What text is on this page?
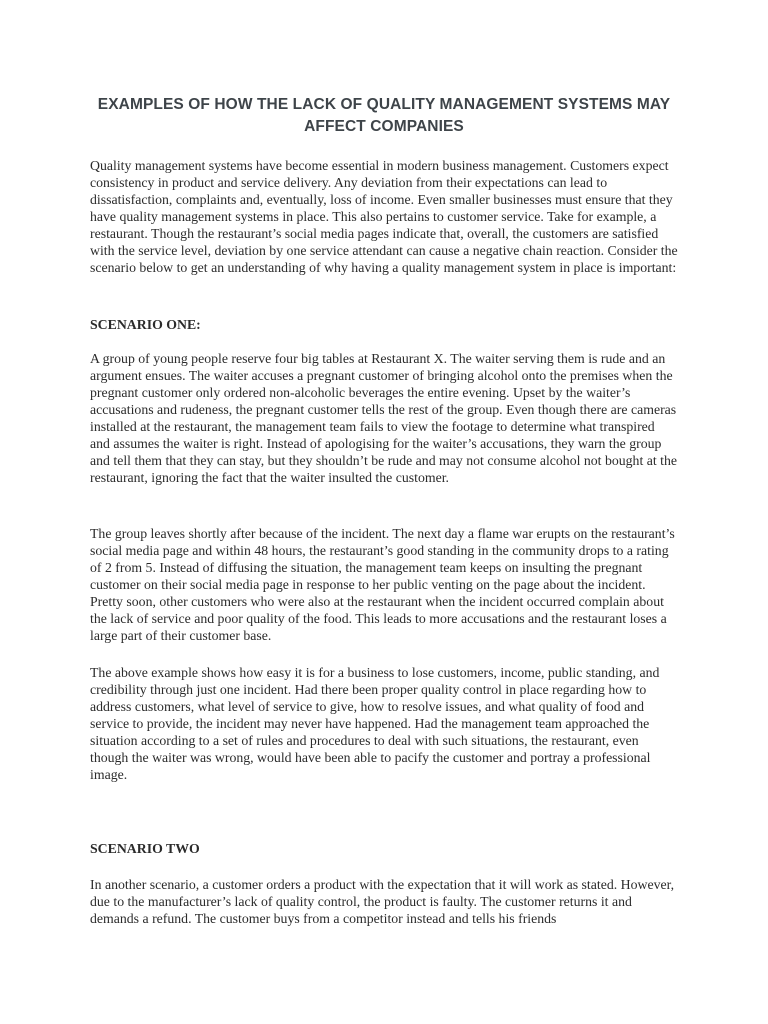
EXAMPLES OF HOW THE LACK OF QUALITY MANAGEMENT SYSTEMS MAY AFFECT COMPANIES

Quality management systems have become essential in modern business management. Customers expect consistency in product and service delivery. Any deviation from their expectations can lead to dissatisfaction, complaints and, eventually, loss of income. Even smaller businesses must ensure that they have quality management systems in place. This also pertains to customer service. Take for example, a restaurant. Though the restaurant’s social media pages indicate that, overall, the customers are satisfied with the service level, deviation by one service attendant can cause a negative chain reaction. Consider the scenario below to get an understanding of why having a quality management system in place is important:

SCENARIO ONE:

A group of young people reserve four big tables at Restaurant X. The waiter serving them is rude and an argument ensues. The waiter accuses a pregnant customer of bringing alcohol onto the premises when the pregnant customer only ordered non-alcoholic beverages the entire evening. Upset by the waiter’s accusations and rudeness, the pregnant customer tells the rest of the group. Even though there are cameras installed at the restaurant, the management team fails to view the footage to determine what transpired and assumes the waiter is right. Instead of apologising for the waiter’s accusations, they warn the group and tell them that they can stay, but they shouldn’t be rude and may not consume alcohol not bought at the restaurant, ignoring the fact that the waiter insulted the customer.

The group leaves shortly after because of the incident. The next day a flame war erupts on the restaurant’s social media page and within 48 hours, the restaurant’s good standing in the community drops to a rating of 2 from 5. Instead of diffusing the situation, the management team keeps on insulting the pregnant customer on their social media page in response to her public venting on the page about the incident. Pretty soon, other customers who were also at the restaurant when the incident occurred complain about the lack of service and poor quality of the food. This leads to more accusations and the restaurant loses a large part of their customer base.

The above example shows how easy it is for a business to lose customers, income, public standing, and credibility through just one incident. Had there been proper quality control in place regarding how to address customers, what level of service to give, how to resolve issues, and what quality of food and service to provide, the incident may never have happened. Had the management team approached the situation according to a set of rules and procedures to deal with such situations, the restaurant, even though the waiter was wrong, would have been able to pacify the customer and portray a professional image.

SCENARIO TWO

In another scenario, a customer orders a product with the expectation that it will work as stated. However, due to the manufacturer’s lack of quality control, the product is faulty. The customer returns it and demands a refund. The customer buys from a competitor instead and tells his friends
